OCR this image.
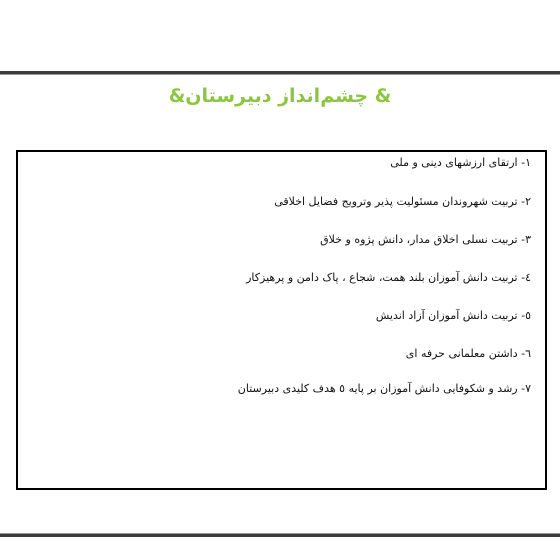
& چشم‌انداز دبیرستان&
۱- ارتقای ارزشهای دینی و ملی
۲- تربیت شهروندان مسئولیت پذیر وترویج فضایل اخلاقی
۳- تربیت نسلی اخلاق مدار، دانش پژوه و خلاق
٤- تربیت دانش آموزان بلند همت، شجاع ، پاک دامن و پرهیزکار
٥- تربیت دانش آموزان آزاد اندیش
٦- داشتن معلمانی حرفه ای
۷- رشد و شکوفایی دانش آموزان بر پایه ٥ هدف کلیدی دبیرستان
